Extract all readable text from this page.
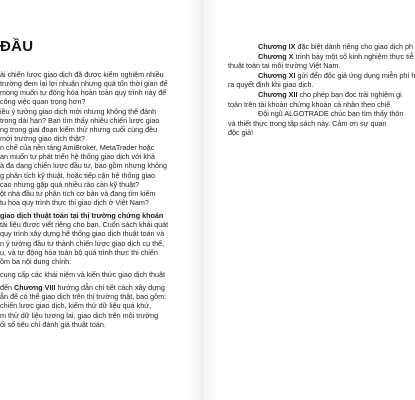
ĐẦU
ài chiến lược giao dịch đã được kiểm nghiệm nhiều
trường đem lại lợi nhuận nhưng quá tốn thời gian để
mong muốn tự động hóa hoàn toàn quy trình này để
công việc quan trọng hơn?
iều ý tưởng giao dịch mới nhưng không thể đánh
trong dài hạn? Bạn tìm thấy nhiều chiến lược giao
ng trong giai đoạn kiểm thử nhưng cuối cùng đều
mới trường giao dịch thật?
n chế của nền tảng AmiBroker, MetaTrader hoặc
an muốn tự phát triển hệ thống giao dịch với khả
à đa dạng chiến lược đầu tư, bao gồm nhưng không
g phân tích kỹ thuật, hoặc tiếp cận hệ thống giao
cao nhưng gặp quá nhiều rào cản kỹ thuật?
ột nhà đầu tư phân tích cơ bản và đang tìm kiếm
tu hóa quy trình thực thi giao dịch ở Việt Nam?
giao dịch thuật toán tại thị trường chứng khoán
tài liệu được viết riêng cho bạn. Cuốn sách khái quát
quy trình xây dựng hệ thống giao dịch thuật toán và
n ý tưởng đầu tư thành chiến lược giao dịch cụ thể,
u, và tự động hóa toàn bộ quá trình thực thi chiến
ồm ba nội dung chính:
cung cấp các khái niệm và kiến thức giao dịch thuật
đến Chương VIII hướng dẫn chi tiết cách xây dựng
ẫn để có thể giao dịch trên thị trường thật, bao gồm:
chiến lược giao dịch, kiểm thử dữ liệu quá khứ,
m thử dữ liệu tương lai, giao dịch trên môi trường
ối số tiêu chí đánh giá thuật toán.
Chương IX đặc biệt dành riêng cho giao dịch ph
Chương X trình bày một số kinh nghiệm thực tiễ
thuật toán tại môi trường Việt Nam.
Chương XI gửi đến độc giả ứng dụng miễn phí h
ra quyết định khi giao dịch.
Chương XII cho phép bạn đọc trải nghiệm gi
toán trên tài khoản chứng khoán cá nhân theo chiế
Đội ngũ ALGOTRADE chúc bạn tìm thấy thôn
và thiết thực trong tập sách này. Cảm ơn sự quan
độc giả!
